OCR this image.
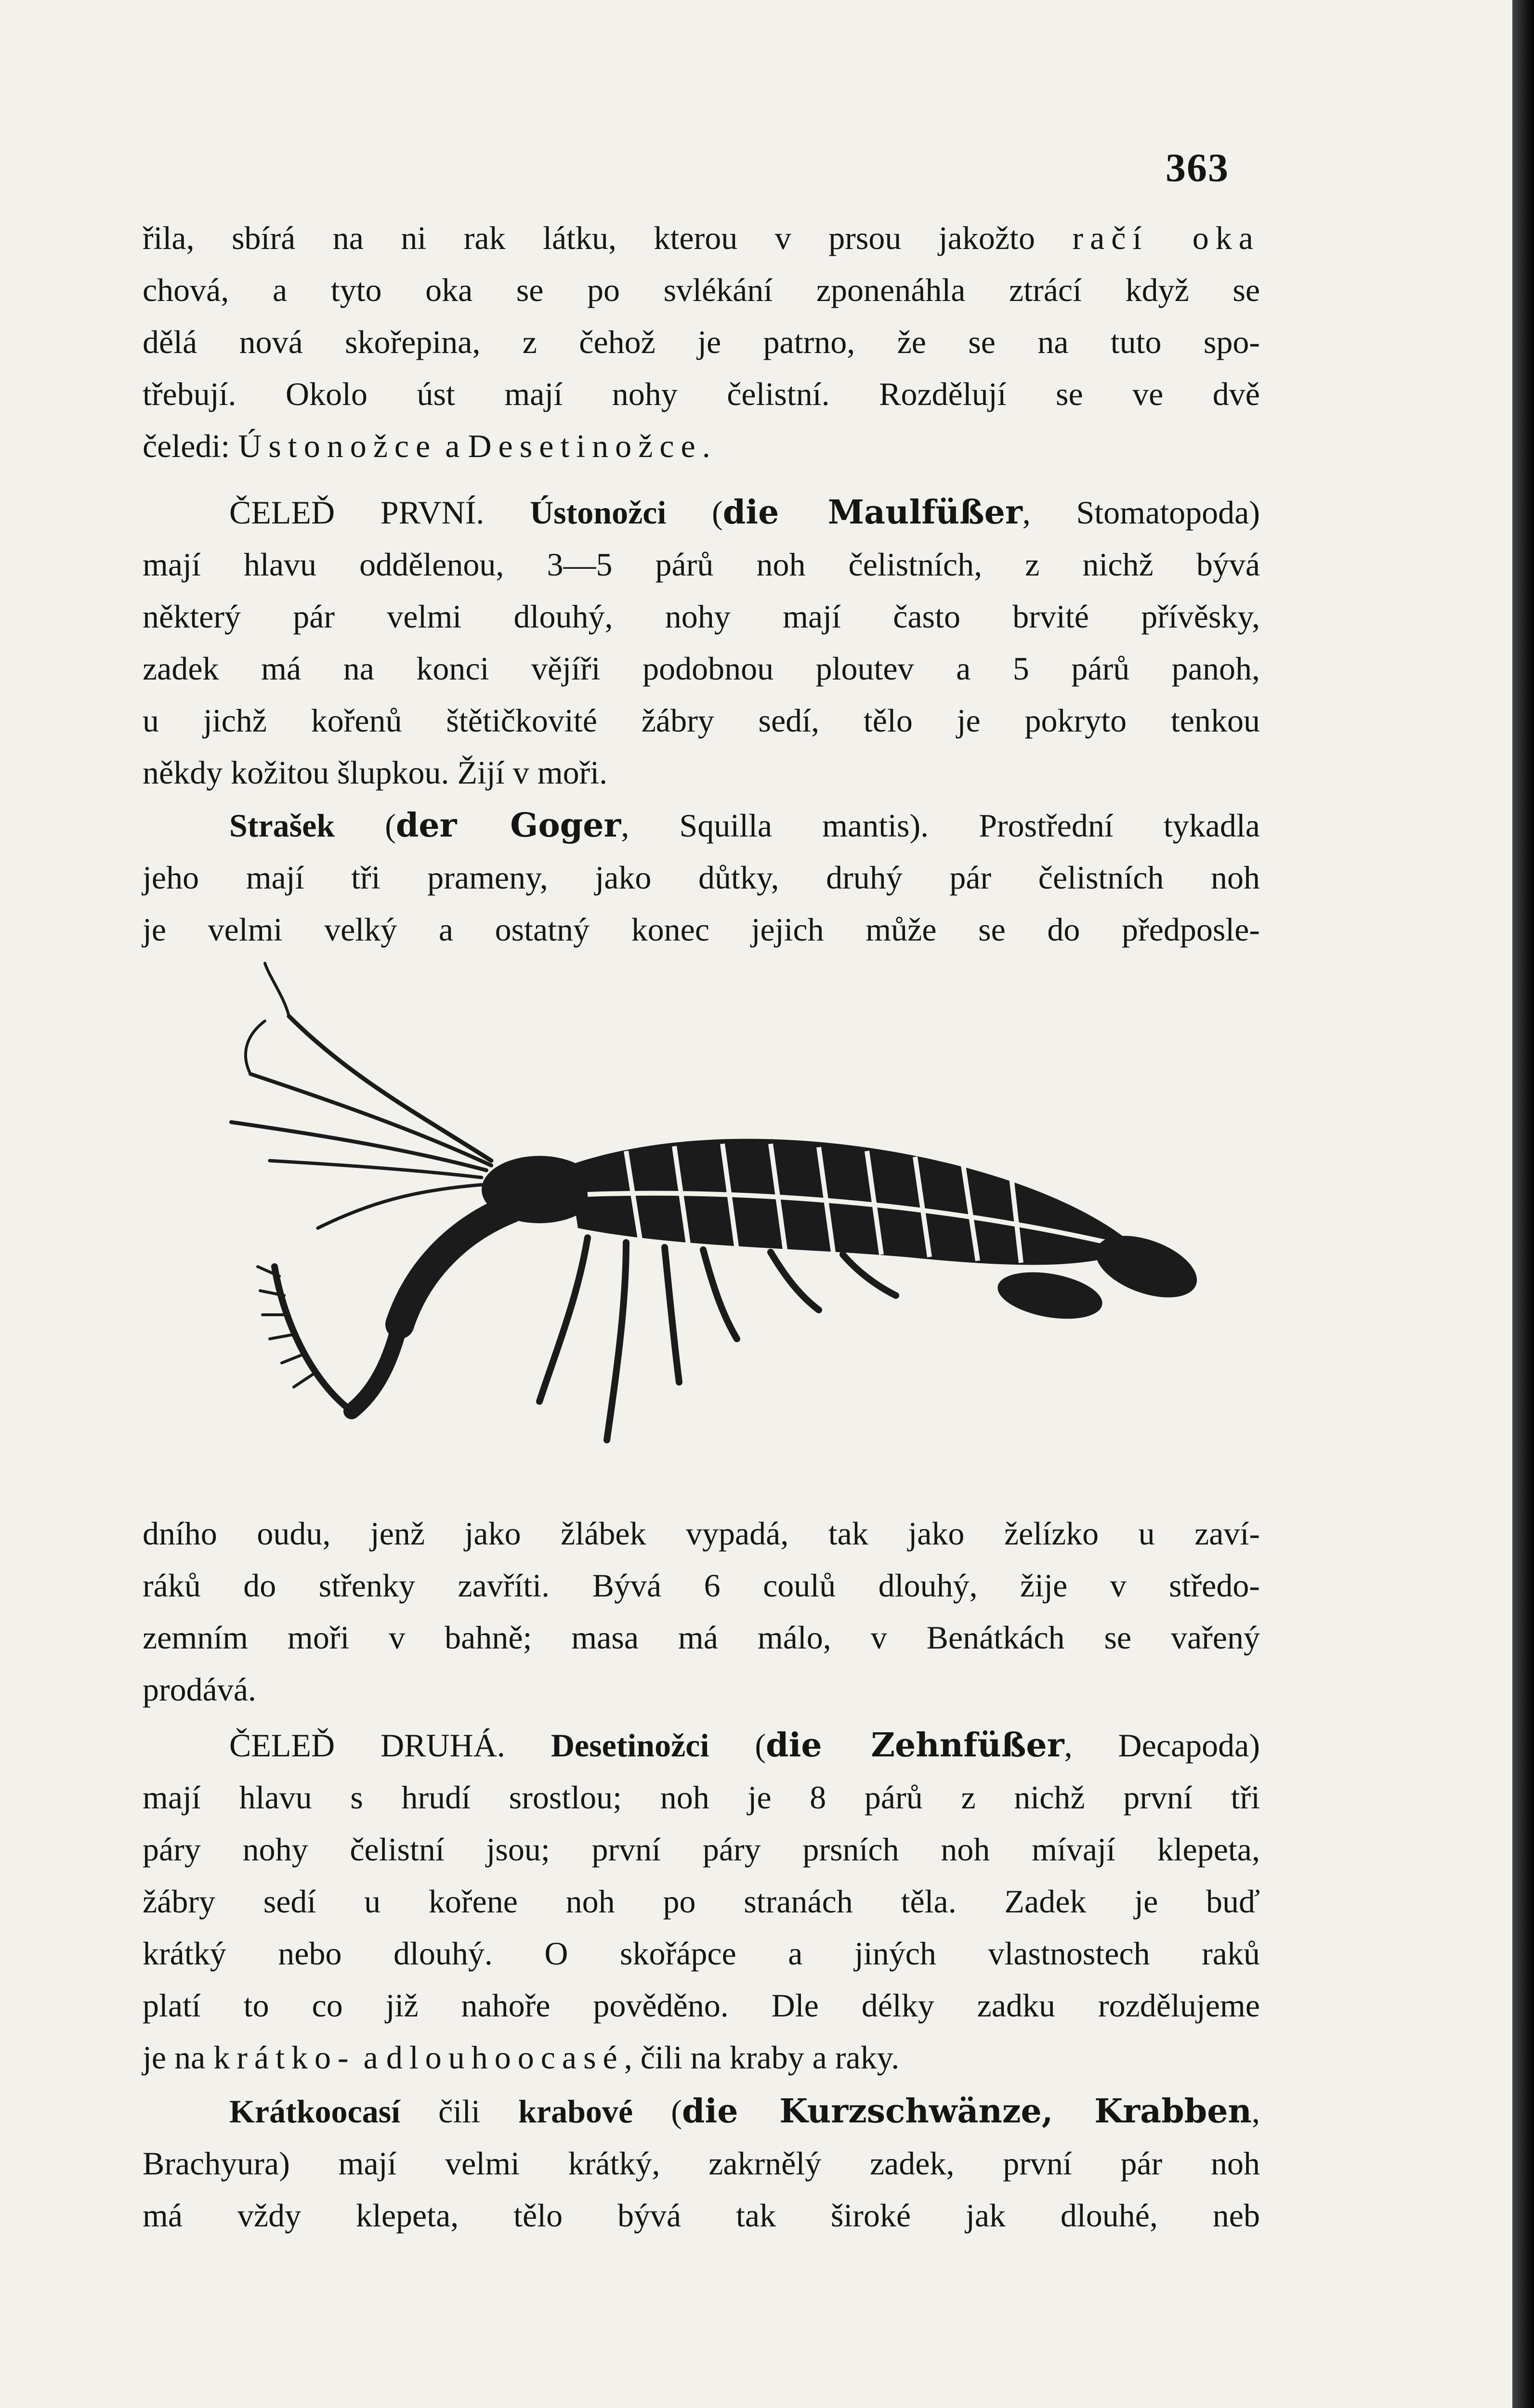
363
řila, sbírá na ni rak látku, kterou v prsou jakožto račí oka
chová, a tyto oka se po svlékání zponenáhla ztrácí když se
dělá nová skořepina, z čehož je patrno, že se na tuto spo-
třebují. Okolo úst mají nohy čelistní. Rozdělují se ve dvě
čeledi: Ústonožce a Desetinožce.
ČELEĎ PRVNÍ. Ústonožci (die Maulfüßer, Stomatopoda)
mají hlavu oddělenou, 3—5 párů noh čelistních, z nichž bývá
některý pár velmi dlouhý, nohy mají často brvité přívěsky,
zadek má na konci vějíři podobnou ploutev a 5 párů panoh,
u jichž kořenů štětičkovité žábry sedí, tělo je pokryto tenkou
někdy kožitou šlupkou. Žijí v moři.
Strašek (der Goger, Squilla mantis). Prostřední tykadla
jeho mají tři prameny, jako důtky, druhý pár čelistních noh
je velmi velký a ostatný konec jejich může se do předposle-
dního oudu, jenž jako žlábek vypadá, tak jako želízko u zaví-
ráků do střenky zavříti. Bývá 6 coulů dlouhý, žije v středo-
zemním moři v bahně; masa má málo, v Benátkách se vařený
prodává.
ČELEĎ DRUHÁ. Desetinožci (die Zehnfüßer, Decapoda)
mají hlavu s hrudí srostlou; noh je 8 párů z nichž první tři
páry nohy čelistní jsou; první páry prsních noh mívají klepeta,
žábry sedí u kořene noh po stranách těla. Zadek je buď
krátký nebo dlouhý. O skořápce a jiných vlastnostech raků
platí to co již nahoře pověděno. Dle délky zadku rozdělujeme
je na krátko- a dlouhoocasé, čili na kraby a raky.
Krátkoocasí čili krabové (die Kurzschwänze, Krabben,
Brachyura) mají velmi krátký, zakrnělý zadek, první pár noh
má vždy klepeta, tělo bývá tak široké jak dlouhé, neb
